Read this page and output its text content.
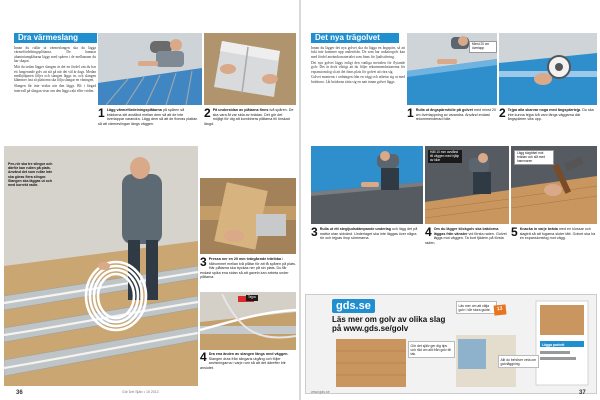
Dra värmeslang

Innan du rullar ut värmeslangen ska du lägga värmefördelningsplåtarna. De hamnar aluminiumplåtarna läggs med spåren i de mellanrum du har skapat.

Mät du sedan lägger slangen är det en fördel om du har ett fungerande golv att stå på när det väl är dags. Medan medhjälparen följer och slangen läggs in, och slangen klämmer fast så plattorna ska följa slangar en våningen.

Slangen får inte vridas när den läggs. Bli i färgad intervall på slingan visar om den läggs rakt eller vriden.

1 Lägg värmefördelningsplåtarna på spåren så brädorna sitt avstånd mellan dem så att de inte överlappar varandra. Lägg dem så att de fixeras plattan så att värmeslingan längs väggen.
2 På undersidan av plåtarna finns två spåren. De ska vara åt var sida av brädan. Det gör det möjligt för dig att kombinera plåtarna till önskad längd.
Pex-rör ska tre slingor och därför kan rullen på plats. Använd det som rullar inte ska göras flera slingor. Slangen ska läggas ut och med korrekt radie.
3 Pressa ner en 20 mm tvärgående träribba i hålrummet mellan två plåtar för att få spåren på plats. Här plåtarna ska tryckas ner på sin plats. Du får endast spika ena sidan så att gaveln kan arbeta under plåtarna.
Tejpa
4 Dra ena änden av slangen längs med väggen. Slangen dras från slingans utgång och följer anvisningarna i varje rum så att det därefter blir anslutet.
36	Gör Det Själv • 15 2013
Det nya trägolvet

Innan du lägger det nya golvet ska du lägga en ångspärr, så att fukt inte kommer upp underifrån. De som har radiatorgolv kan med fördel använda materialet som finns för ljudisolering.

Det nya golvet läggs enligt den vanliga metoden för flytande golv. Det är dock viktigt att du följer rekommendationerna för expansionsfog så att det finns plats för golvet att röra sig.

Golvet monteras i ordningen från en vägg och arbetar sig ut med brädorna. Låt brädorna sätta sig en natt innan golvet läggs.

Minst 20 cm överlapp
1 Rulla ut ångspärrsfolie på golvet med minst 20 cm överlappning av varandra. Använd endast rekommenderad folie.	2 Tejpa alla skarvar noga med ångspärrtejp. Du ska inte kunna tejpa två varv längs väggarna där ångspärren viks upp.
Håll 10 mm avstånd till väggen med hjälp av kilar
Lägg slagträet mot brädan och slå med hammaren
3 Rulla ut ett stegljudsdämpande underlag och lägg det på mattor utan sidvänd. Underlaget ska inte läggas över några rör och tejpas ihop sömmarna.	4 Om du lägger klickgolv ska brädorna läggas från vänster vid första raden. Golvet läggs mot väggen. Ta bort fjädern på första raden.
5 Knacka in varje bräda med en klossar och slagträ så att fogarna sluter tätt. Golvet ska ha en expansionsfog mot vägg.
gds.se
Läs mer om golv av olika slag
på www.gds.se/golv
Gör det själv ger dig tips och råd om allt från golv till tak.
Läs mer om att välja golv i vår stora guide.
Allt du behöver veta om golvläggning.
13
Lägga parkett
www.gds.se	37
